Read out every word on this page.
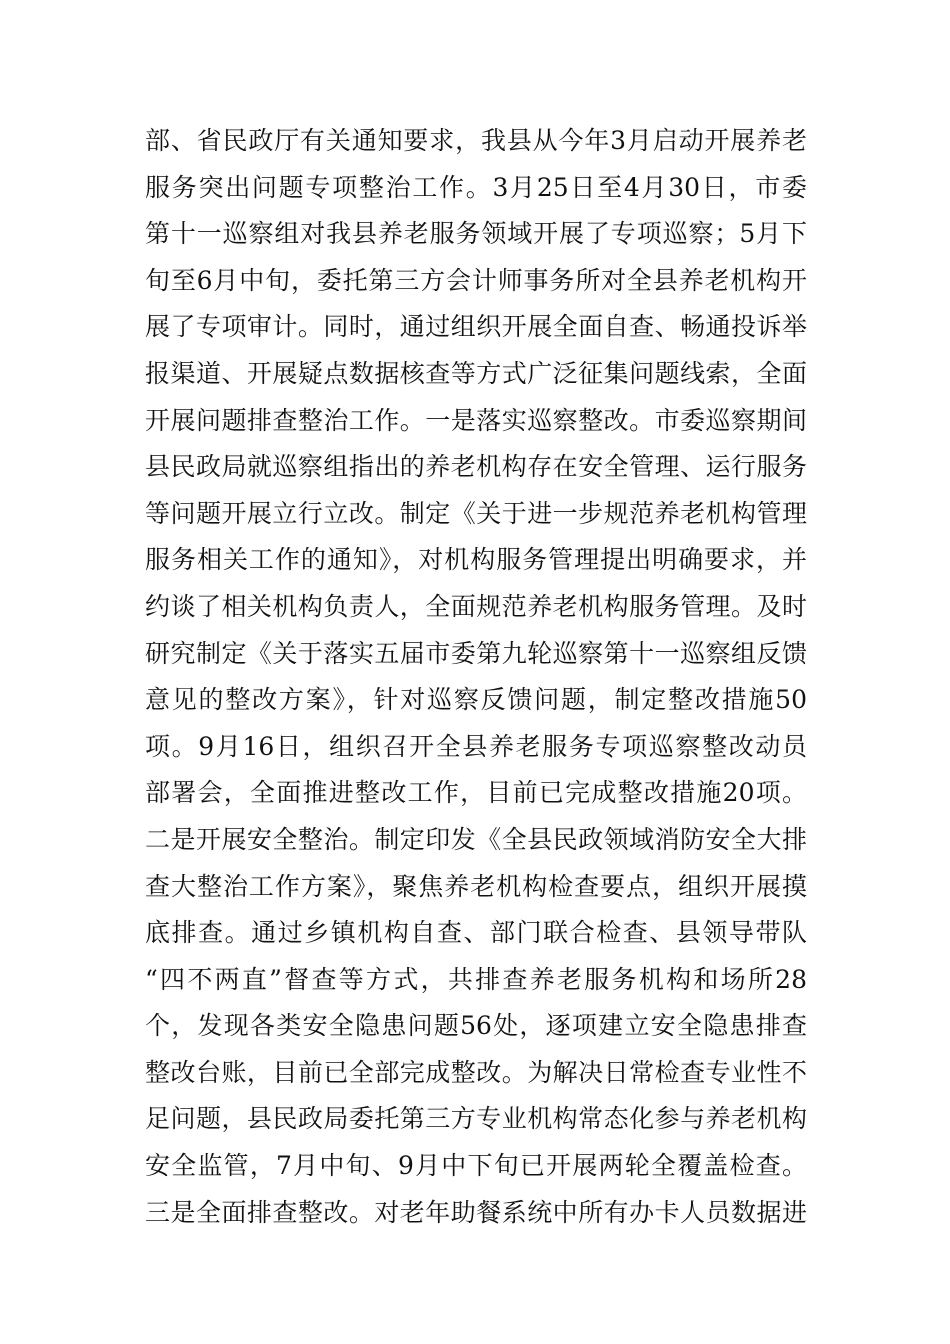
部、省民政厅有关通知要求，我县从今年3月启动开展养老
服务突出问题专项整治工作。3月25日至4月30日，市委
第十一巡察组对我县养老服务领域开展了专项巡察；5月下
旬至6月中旬，委托第三方会计师事务所对全县养老机构开
展了专项审计。同时，通过组织开展全面自查、畅通投诉举
报渠道、开展疑点数据核查等方式广泛征集问题线索，全面
开展问题排查整治工作。一是落实巡察整改。市委巡察期间
县民政局就巡察组指出的养老机构存在安全管理、运行服务
等问题开展立行立改。制定《关于进一步规范养老机构管理
服务相关工作的通知》，对机构服务管理提出明确要求，并
约谈了相关机构负责人，全面规范养老机构服务管理。及时
研究制定《关于落实五届市委第九轮巡察第十一巡察组反馈
意见的整改方案》，针对巡察反馈问题，制定整改措施50
项。9月16日，组织召开全县养老服务专项巡察整改动员
部署会，全面推进整改工作，目前已完成整改措施20项。
二是开展安全整治。制定印发《全县民政领域消防安全大排
查大整治工作方案》，聚焦养老机构检查要点，组织开展摸
底排查。通过乡镇机构自查、部门联合检查、县领导带队
“四不两直”督查等方式，共排查养老服务机构和场所28
个，发现各类安全隐患问题56处，逐项建立安全隐患排查
整改台账，目前已全部完成整改。为解决日常检查专业性不
足问题，县民政局委托第三方专业机构常态化参与养老机构
安全监管，7月中旬、9月中下旬已开展两轮全覆盖检查。
三是全面排查整改。对老年助餐系统中所有办卡人员数据进
